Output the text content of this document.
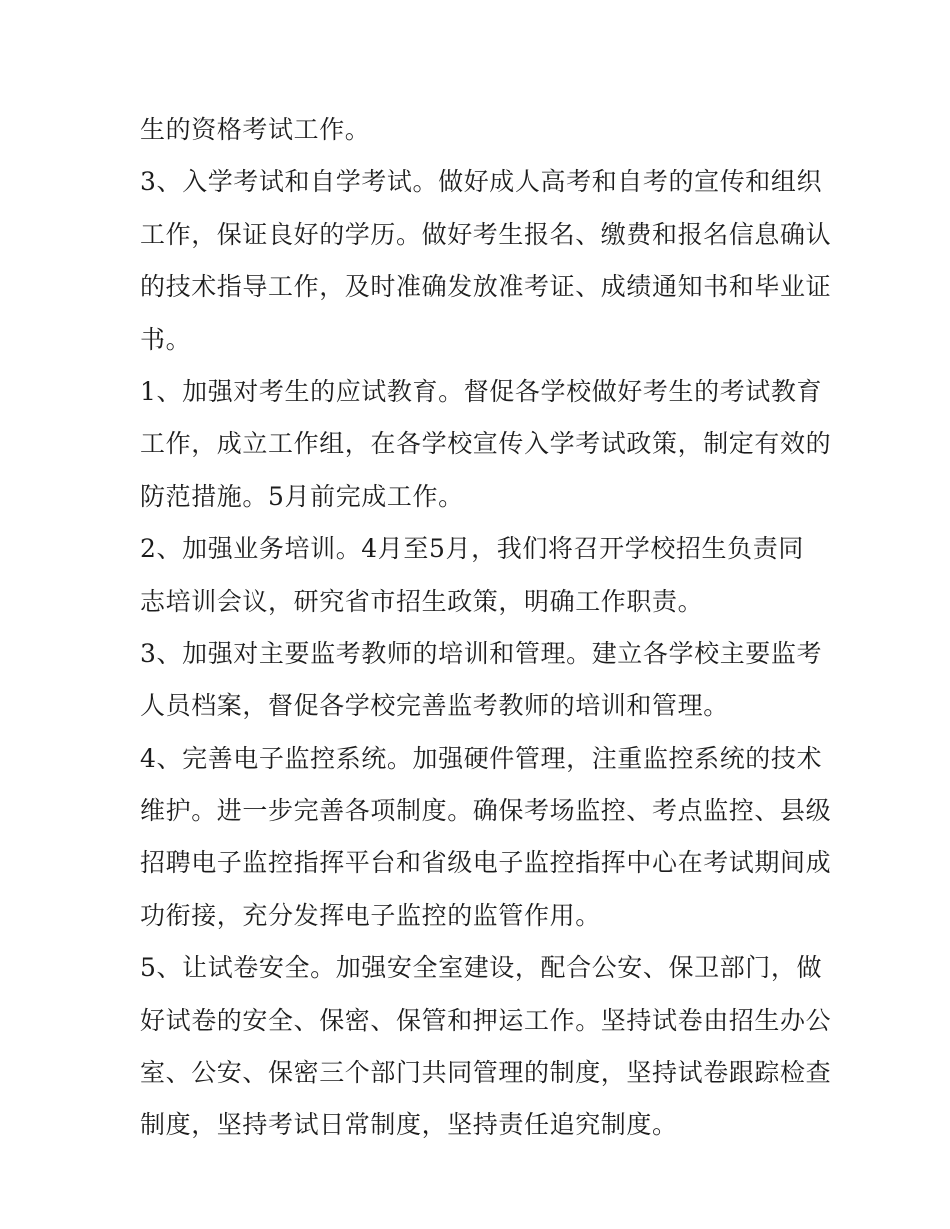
生的资格考试工作。
3、入学考试和自学考试。做好成人高考和自考的宣传和组织
工作，保证良好的学历。做好考生报名、缴费和报名信息确认
的技术指导工作，及时准确发放准考证、成绩通知书和毕业证
书。
1、加强对考生的应试教育。督促各学校做好考生的考试教育
工作，成立工作组，在各学校宣传入学考试政策，制定有效的
防范措施。5月前完成工作。
2、加强业务培训。4月至5月，我们将召开学校招生负责同
志培训会议，研究省市招生政策，明确工作职责。
3、加强对主要监考教师的培训和管理。建立各学校主要监考
人员档案，督促各学校完善监考教师的培训和管理。
4、完善电子监控系统。加强硬件管理，注重监控系统的技术
维护。进一步完善各项制度。确保考场监控、考点监控、县级
招聘电子监控指挥平台和省级电子监控指挥中心在考试期间成
功衔接，充分发挥电子监控的监管作用。
5、让试卷安全。加强安全室建设，配合公安、保卫部门，做
好试卷的安全、保密、保管和押运工作。坚持试卷由招生办公
室、公安、保密三个部门共同管理的制度，坚持试卷跟踪检查
制度，坚持考试日常制度，坚持责任追究制度。
